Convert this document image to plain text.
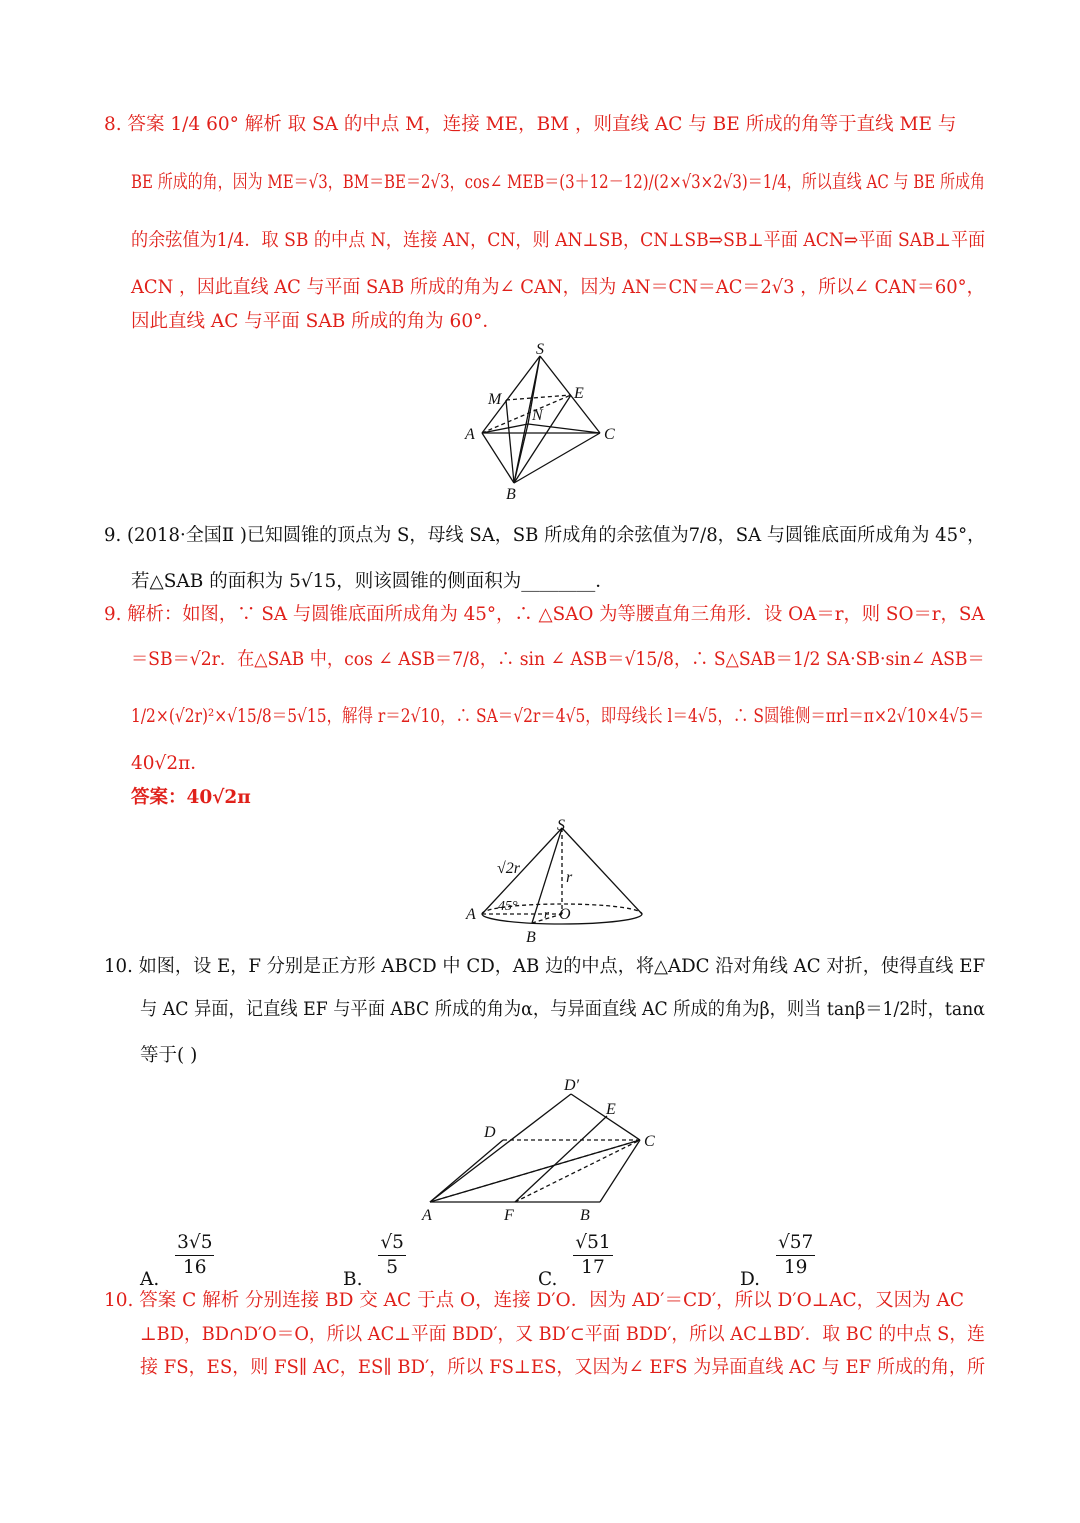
8. 答案 1/4 60° 解析 取 SA 的中点 M，连接 ME，BM ，则直线 AC 与 BE 所成的角等于直线 ME 与
BE 所成的角，因为 ME＝√3，BM＝BE＝2√3，cos∠ MEB＝(3＋12－12)/(2×√3×2√3)＝1/4，所以直线 AC 与 BE 所成角
的余弦值为1/4．取 SB 的中点 N，连接 AN，CN，则 AN⊥SB，CN⊥SB⇒SB⊥平面 ACN⇒平面 SAB⊥平面
ACN ，因此直线 AC 与平面 SAB 所成的角为∠ CAN，因为 AN＝CN＝AC＝2√3 ，所以∠ CAN＝60°，
因此直线 AC 与平面 SAB 所成的角为 60°．
S
E
M
N
A	C
B
9. (2018·全国Ⅱ )已知圆锥的顶点为 S，母线 SA，SB 所成角的余弦值为7/8，SA 与圆锥底面所成角为 45°，
若△SAB 的面积为 5√15，则该圆锥的侧面积为________．
9. 解析：如图，∵ SA 与圆锥底面所成角为 45°，∴ △SAO 为等腰直角三角形．设 OA＝r，则 SO＝r，SA
＝SB＝√2r．在△SAB 中，cos ∠ ASB＝7/8，∴ sin ∠ ASB＝√15/8，∴ S△SAB＝1/2 SA·SB·sin∠ ASB＝
1/2×(√2r)²×√15/8＝5√15，解得 r＝2√10，∴ SA＝√2r＝4√5，即母线长 l＝4√5，∴ S圆锥侧＝πrl＝π×2√10×4√5＝
40√2π．
答案：40√2π
S
√2r
r
45°
A	r O
B
10. 如图，设 E，F 分别是正方形 ABCD 中 CD，AB 边的中点，将△ADC 沿对角线 AC 对折，使得直线 EF
与 AC 异面，记直线 EF 与平面 ABC 所成的角为α，与异面直线 AC 所成的角为β，则当 tanβ＝1/2时，tanα
等于( )
D′
E
D
C
A	F	B
A.
$\frac{3√5}{16}$
B.
$\frac{√5}{5}$
C.
$\frac{√51}{17}$
D.
$\frac{√57}{19}$
10. 答案 C 解析 分别连接 BD 交 AC 于点 O，连接 D′O．因为 AD′＝CD′，所以 D′O⊥AC，又因为 AC
⊥BD，BD∩D′O＝O，所以 AC⊥平面 BDD′，又 BD′⊂平面 BDD′，所以 AC⊥BD′．取 BC 的中点 S，连
接 FS，ES，则 FS∥ AC，ES∥ BD′，所以 FS⊥ES，又因为∠ EFS 为异面直线 AC 与 EF 所成的角，所
